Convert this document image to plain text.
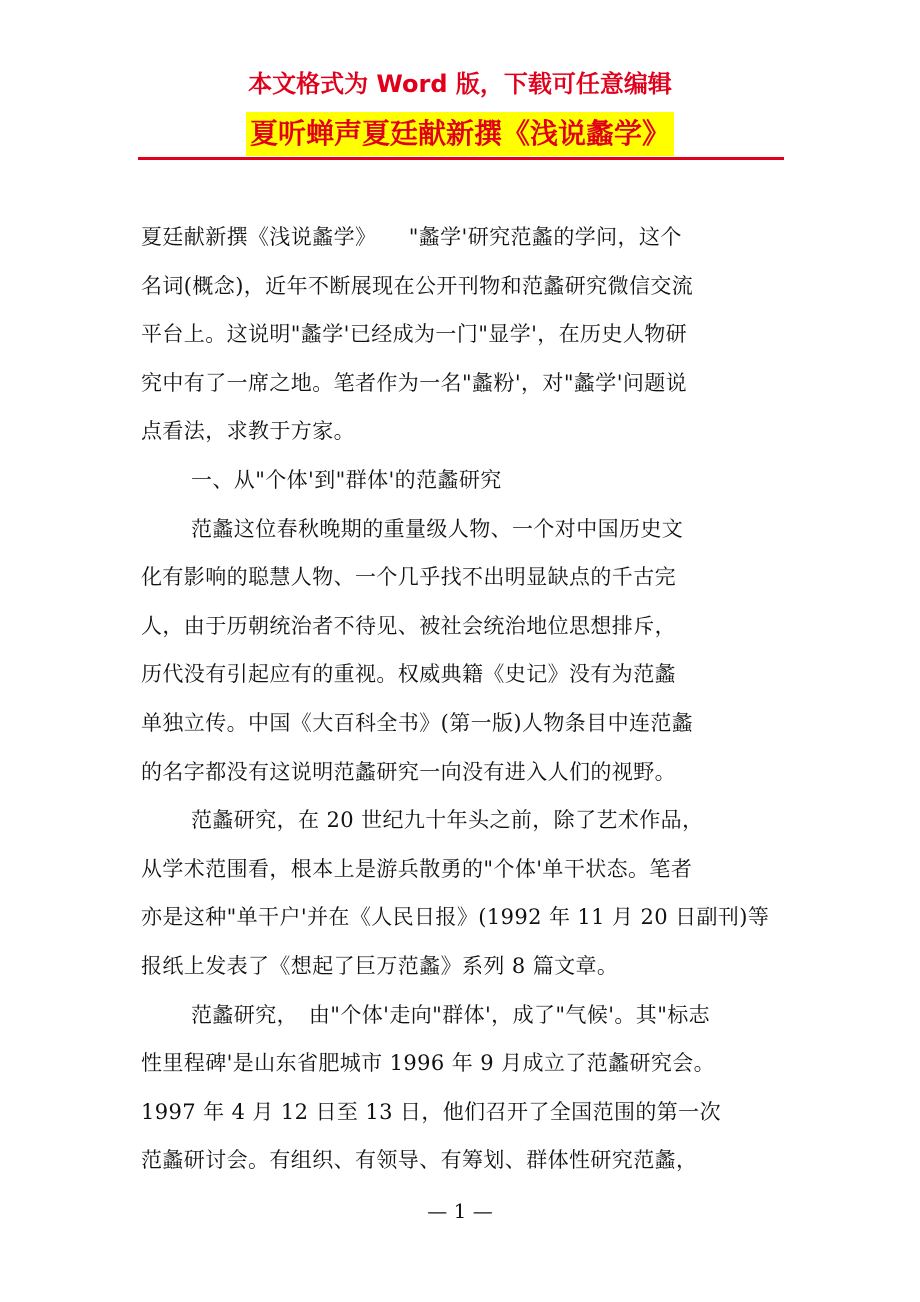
本文格式为 Word 版，下载可任意编辑
夏听蝉声夏廷献新撰《浅说蠡学》
夏廷献新撰《浅说蠡学》　　"蠡学'研究范蠡的学问，这个
名词(概念)，近年不断展现在公开刊物和范蠡研究微信交流
平台上。这说明"蠡学'已经成为一门"显学'，在历史人物研
究中有了一席之地。笔者作为一名"蠡粉'，对"蠡学'问题说
点看法，求教于方家。
一、从"个体'到"群体'的范蠡研究
范蠡这位春秋晚期的重量级人物、一个对中国历史文
化有影响的聪慧人物、一个几乎找不出明显缺点的千古完
人，由于历朝统治者不待见、被社会统治地位思想排斥，
历代没有引起应有的重视。权威典籍《史记》没有为范蠡
单独立传。中国《大百科全书》(第一版)人物条目中连范蠡
的名字都没有这说明范蠡研究一向没有进入人们的视野。
范蠡研究，在 20 世纪九十年头之前，除了艺术作品，
从学术范围看，根本上是游兵散勇的"个体'单干状态。笔者
亦是这种"单干户'并在《人民日报》(1992 年 11 月 20 日副刊)等
报纸上发表了《想起了巨万范蠡》系列 8 篇文章。
范蠡研究，　由"个体'走向"群体'，成了"气候'。其"标志
性里程碑'是山东省肥城市 1996 年 9 月成立了范蠡研究会。
1997 年 4 月 12 日至 13 日，他们召开了全国范围的第一次
范蠡研讨会。有组织、有领导、有筹划、群体性研究范蠡，
— 1 —
